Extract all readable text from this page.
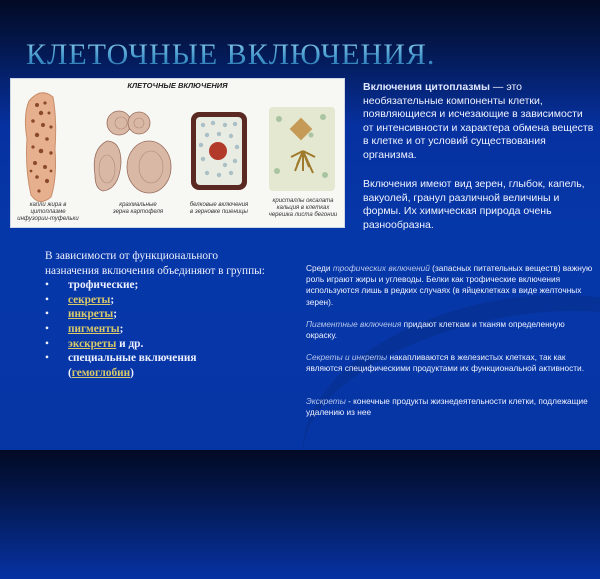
КЛЕТОЧНЫЕ ВКЛЮЧЕНИЯ.
КЛЕТОЧНЫЕ ВКЛЮЧЕНИЯ
капли жира в цитоплазме
инфузории-туфельки
крахмальные
зерна картофеля
белковые включения
в зерновке пшеницы
кристаллы оксалата
кальция в клетках
черешка листа бегонии
Включения цитоплазмы — это необязательные компоненты клетки, появляющиеся и исчезающие в зависимости от интенсивности и характера обмена веществ в клетке и от условий существования организма.
Включения имеют вид зерен, глыбок, капель, вакуолей, гранул различной величины и формы. Их химическая природа очень разнообразна.
В зависимости от функционального назначения включения объединяют в группы:
• трофические;
• секреты;
• инкреты;
• пигменты;
• экскреты и др.
• специальные включения (гемоглобин)
Среди трофических включений (запасных питательных веществ) важную роль играют жиры и углеводы. Белки как трофические включения используются лишь в редких случаях (в яйцеклетках в виде желточных зерен).
Пигментные включения придают клеткам и тканям определенную окраску.
Секреты и инкреты накапливаются в железистых клетках, так как являются специфическими продуктами их функциональной активности.
Экскреты - конечные продукты жизнедеятельности клетки, подлежащие удалению из нее
